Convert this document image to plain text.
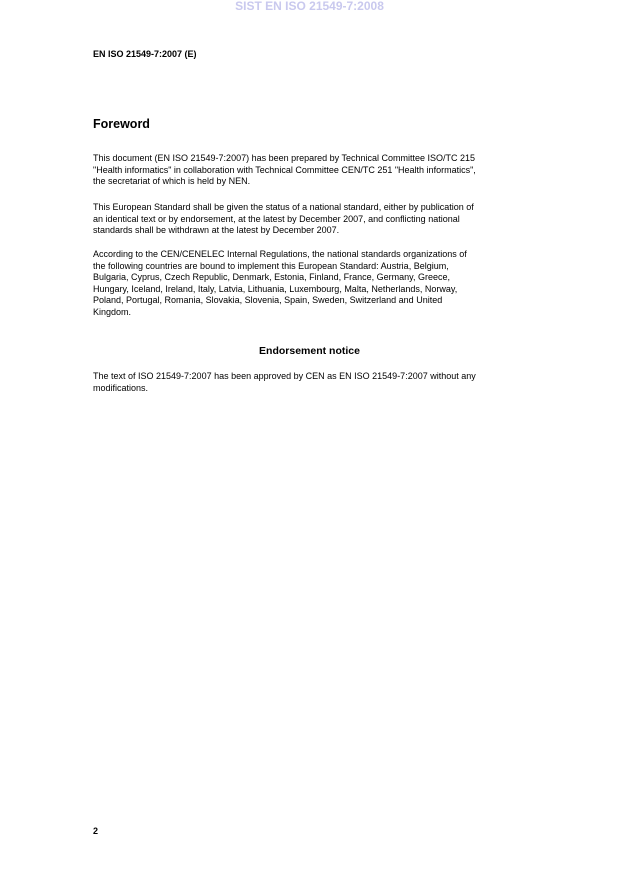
SIST EN ISO 21549-7:2008
EN ISO 21549-7:2007 (E)
Foreword
This document (EN ISO 21549-7:2007) has been prepared by Technical Committee ISO/TC 215
"Health informatics" in collaboration with Technical Committee CEN/TC 251 "Health informatics",
the secretariat of which is held by NEN.
This European Standard shall be given the status of a national standard, either by publication of
an identical text or by endorsement, at the latest by December 2007, and conflicting national
standards shall be withdrawn at the latest by December 2007.
According to the CEN/CENELEC Internal Regulations, the national standards organizations of
the following countries are bound to implement this European Standard: Austria, Belgium,
Bulgaria, Cyprus, Czech Republic, Denmark, Estonia, Finland, France, Germany, Greece,
Hungary, Iceland, Ireland, Italy, Latvia, Lithuania, Luxembourg, Malta, Netherlands, Norway,
Poland, Portugal, Romania, Slovakia, Slovenia, Spain, Sweden, Switzerland and United
Kingdom.
Endorsement notice
The text of ISO 21549-7:2007 has been approved by CEN as EN ISO 21549-7:2007 without any
modifications.
2
